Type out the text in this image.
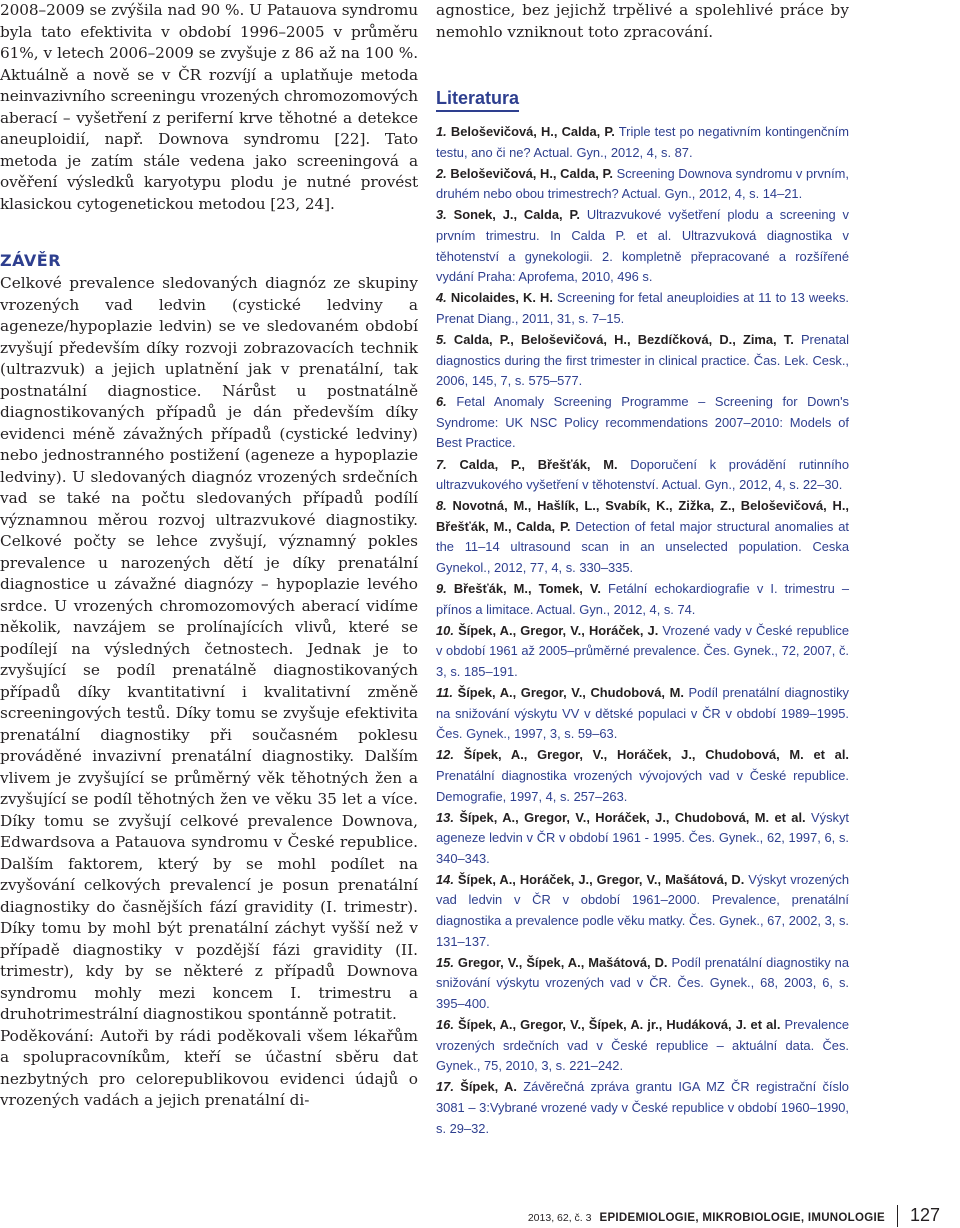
2008–2009 se zvýšila nad 90 %. U Patauova syndromu byla tato efektivita v období 1996–2005 v průměru 61%, v letech 2006–2009 se zvyšuje z 86 až na 100 %. Aktuálně a nově se v ČR rozvíjí a uplatňuje metoda neinvazivního screeningu vrozených chromozomových aberací – vyšetření z periferní krve těhotné a detekce aneuploidií, např. Downova syndromu [22]. Tato metoda je zatím stále vedena jako screeningová a ověření výsledků karyotypu plodu je nutné provést klasickou cytogenetickou metodou [23, 24].

ZÁVĚR

Celkové prevalence sledovaných diagnóz ze skupiny vrozených vad ledvin (cystické ledviny a ageneze/hypoplazie ledvin) se ve sledovaném období zvyšují především díky rozvoji zobrazovacích technik (ultrazvuk) a jejich uplatnění jak v prenatální, tak postnatální diagnostice. Nárůst u postnatálně diagnostikovaných případů je dán především díky evidenci méně závažných případů (cystické ledviny) nebo jednostranného postižení (ageneze a hypoplazie ledviny). U sledovaných diagnóz vrozených srdečních vad se také na počtu sledovaných případů podílí významnou měrou rozvoj ultrazvukové diagnostiky. Celkové počty se lehce zvyšují, významný pokles prevalence u narozených dětí je díky prenatální diagnostice u závažné diagnózy – hypoplazie levého srdce. U vrozených chromozomových aberací vidíme několik, navzájem se prolínajících vlivů, které se podílejí na výsledných četnostech. Jednak je to zvyšující se podíl prenatálně diagnostikovaných případů díky kvantitativní i kvalitativní změně screeningových testů. Díky tomu se zvyšuje efektivita prenatální diagnostiky při současném poklesu prováděné invazivní prenatální diagnostiky. Dalším vlivem je zvyšující se průměrný věk těhotných žen a zvyšující se podíl těhotných žen ve věku 35 let a více. Díky tomu se zvyšují celkové prevalence Downova, Edwardsova a Patauova syndromu v České republice. Dalším faktorem, který by se mohl podílet na zvyšování celkových prevalencí je posun prenatální diagnostiky do časnějších fází gravidity (I. trimestr). Díky tomu by mohl být prenatální záchyt vyšší než v případě diagnostiky v pozdější fázi gravidity (II. trimestr), kdy by se některé z případů Downova syndromu mohly mezi koncem I. trimestru a druhotrimestrální diagnostikou spontánně potratit.

Poděkování: Autoři by rádi poděkovali všem lékařům a spolupracovníkům, kteří se účastní sběru dat nezbytných pro celorepublikovou evidenci údajů o vrozených vadách a jejich prenatální di-

agnostice, bez jejichž trpělivé a spolehlivé práce by nemohlo vzniknout toto zpracování.

Literatura
1. Beloševičová, H., Calda, P. Triple test po negativním kontingenčním testu, ano či ne? Actual. Gyn., 2012, 4, s. 87.
2. Beloševičová, H., Calda, P. Screening Downova syndromu v prvním, druhém nebo obou trimestrech? Actual. Gyn., 2012, 4, s. 14–21.
3. Sonek, J., Calda, P. Ultrazvukové vyšetření plodu a screening v prvním trimestru. In Calda P. et al. Ultrazvuková diagnostika v těhotenství a gynekologii. 2. kompletně přepracované a rozšířené vydání Praha: Aprofema, 2010, 496 s.
4. Nicolaides, K. H. Screening for fetal aneuploidies at 11 to 13 weeks. Prenat Diang., 2011, 31, s. 7–15.
5. Calda, P., Beloševičová, H., Bezdíčková, D., Zima, T. Prenatal diagnostics during the first trimester in clinical practice. Čas. Lek. Cesk., 2006, 145, 7, s. 575–577.
6. Fetal Anomaly Screening Programme – Screening for Down's Syndrome: UK NSC Policy recommendations 2007–2010: Models of Best Practice.
7. Calda, P., Břešťák, M. Doporučení k provádění rutinního ultrazvukového vyšetření v těhotenství. Actual. Gyn., 2012, 4, s. 22–30.
8. Novotná, M., Hašlík, L., Svabík, K., Zižka, Z., Beloševičová, H., Břešťák, M., Calda, P. Detection of fetal major structural anomalies at the 11–14 ultrasound scan in an unselected population. Ceska Gynekol., 2012, 77, 4, s. 330–335.
9. Břešťák, M., Tomek, V. Fetální echokardiografie v I. trimestru – přínos a limitace. Actual. Gyn., 2012, 4, s. 74.
10. Šípek, A., Gregor, V., Horáček, J. Vrozené vady v České republice v období 1961 až 2005–průměrné prevalence. Čes. Gynek., 72, 2007, č. 3, s. 185–191.
11. Šípek, A., Gregor, V., Chudobová, M. Podíl prenatální diagnostiky na snižování výskytu VV v dětské populaci v ČR v období 1989–1995. Čes. Gynek., 1997, 3, s. 59–63.
12. Šípek, A., Gregor, V., Horáček, J., Chudobová, M. et al. Prenatální diagnostika vrozených vývojových vad v České republice. Demografie, 1997, 4, s. 257–263.
13. Šípek, A., Gregor, V., Horáček, J., Chudobová, M. et al. Výskyt ageneze ledvin v ČR v období 1961 - 1995. Čes. Gynek., 62, 1997, 6, s. 340–343.
14. Šípek, A., Horáček, J., Gregor, V., Mašátová, D. Výskyt vrozených vad ledvin v ČR v období 1961–2000. Prevalence, prenatální diagnostika a prevalence podle věku matky. Čes. Gynek., 67, 2002, 3, s. 131–137.
15. Gregor, V., Šípek, A., Mašátová, D. Podíl prenatální diagnostiky na snižování výskytu vrozených vad v ČR. Čes. Gynek., 68, 2003, 6, s. 395–400.
16. Šípek, A., Gregor, V., Šípek, A. jr., Hudáková, J. et al. Prevalence vrozených srdečních vad v České republice – aktuální data. Čes. Gynek., 75, 2010, 3, s. 221–242.
17. Šípek, A. Závěrečná zpráva grantu IGA MZ ČR registrační číslo 3081 – 3:Vybrané vrozené vady v České republice v období 1960–1990, s. 29–32.
2013, 62, č. 3 EPIDEMIOLOGIE, MIKROBIOLOGIE, IMUNOLOGIE 127
